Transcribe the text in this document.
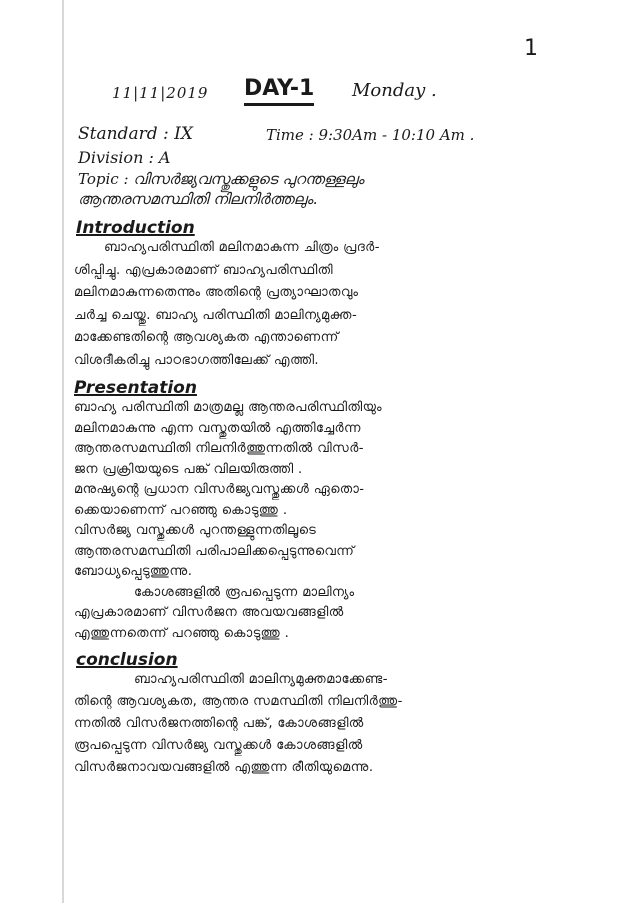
1
11|11|2019 DAY-1 Monday .
Standard : IX	Time : 9:30Am - 10:10 Am .
Division : A
Topic : വിസർജ്യവസ്തുക്കളുടെ പുറന്തള്ളലും
ആന്തരസമസ്ഥിതി നിലനിർത്തലും.
Introduction
ബാഹ്യപരിസ്ഥിതി മലിനമാകുന്ന ചിത്രം പ്രദർ-
ശിപ്പിച്ചു. എപ്രകാരമാണ് ബാഹ്യപരിസ്ഥിതി
മലിനമാകുന്നതെന്നും അതിന്റെ പ്രത്യാഘാതവും
ചർച്ച ചെയ്തു. ബാഹ്യ പരിസ്ഥിതി മാലിന്യമുക്ത-
മാക്കേണ്ടതിന്റെ ആവശ്യകത എന്താണെന്ന്
വിശദീകരിച്ചു പാഠഭാഗത്തിലേക്ക് എത്തി.
Presentation
ബാഹ്യ പരിസ്ഥിതി മാത്രമല്ല ആന്തരപരിസ്ഥിതിയും
മലിനമാകുന്നു എന്ന വസ്തുതയിൽ എത്തിച്ചേർന്ന
ആന്തരസമസ്ഥിതി നിലനിർത്തുന്നതിൽ വിസർ-
ജന പ്രക്രിയയുടെ പങ്ക് വിലയിരുത്തി .
മനുഷ്യന്റെ പ്രധാന വിസർജ്യവസ്തുക്കൾ ഏതൊ-
ക്കെയാണെന്ന് പറഞ്ഞു കൊടുത്തു .
വിസർജ്യ വസ്തുക്കൾ പുറന്തള്ളുന്നതിലൂടെ
ആന്തരസമസ്ഥിതി പരിപാലിക്കപ്പെടുന്നുവെന്ന്
ബോധ്യപ്പെടുത്തുന്നു.
കോശങ്ങളിൽ രൂപപ്പെടുന്ന മാലിന്യം
എപ്രകാരമാണ് വിസർജന അവയവങ്ങളിൽ
എത്തുന്നതെന്ന് പറഞ്ഞു കൊടുത്തു .
conclusion
ബാഹ്യപരിസ്ഥിതി മാലിന്യമുക്തമാക്കേണ്ട-
തിന്റെ ആവശ്യകത, ആന്തര സമസ്ഥിതി നിലനിർത്തു-
ന്നതിൽ വിസർജനത്തിന്റെ പങ്ക്, കോശങ്ങളിൽ
രൂപപ്പെടുന്ന വിസർജ്യ വസ്തുക്കൾ കോശങ്ങളിൽ
വിസർജനാവയവങ്ങളിൽ എത്തുന്ന രീതിയുമെന്നു.
